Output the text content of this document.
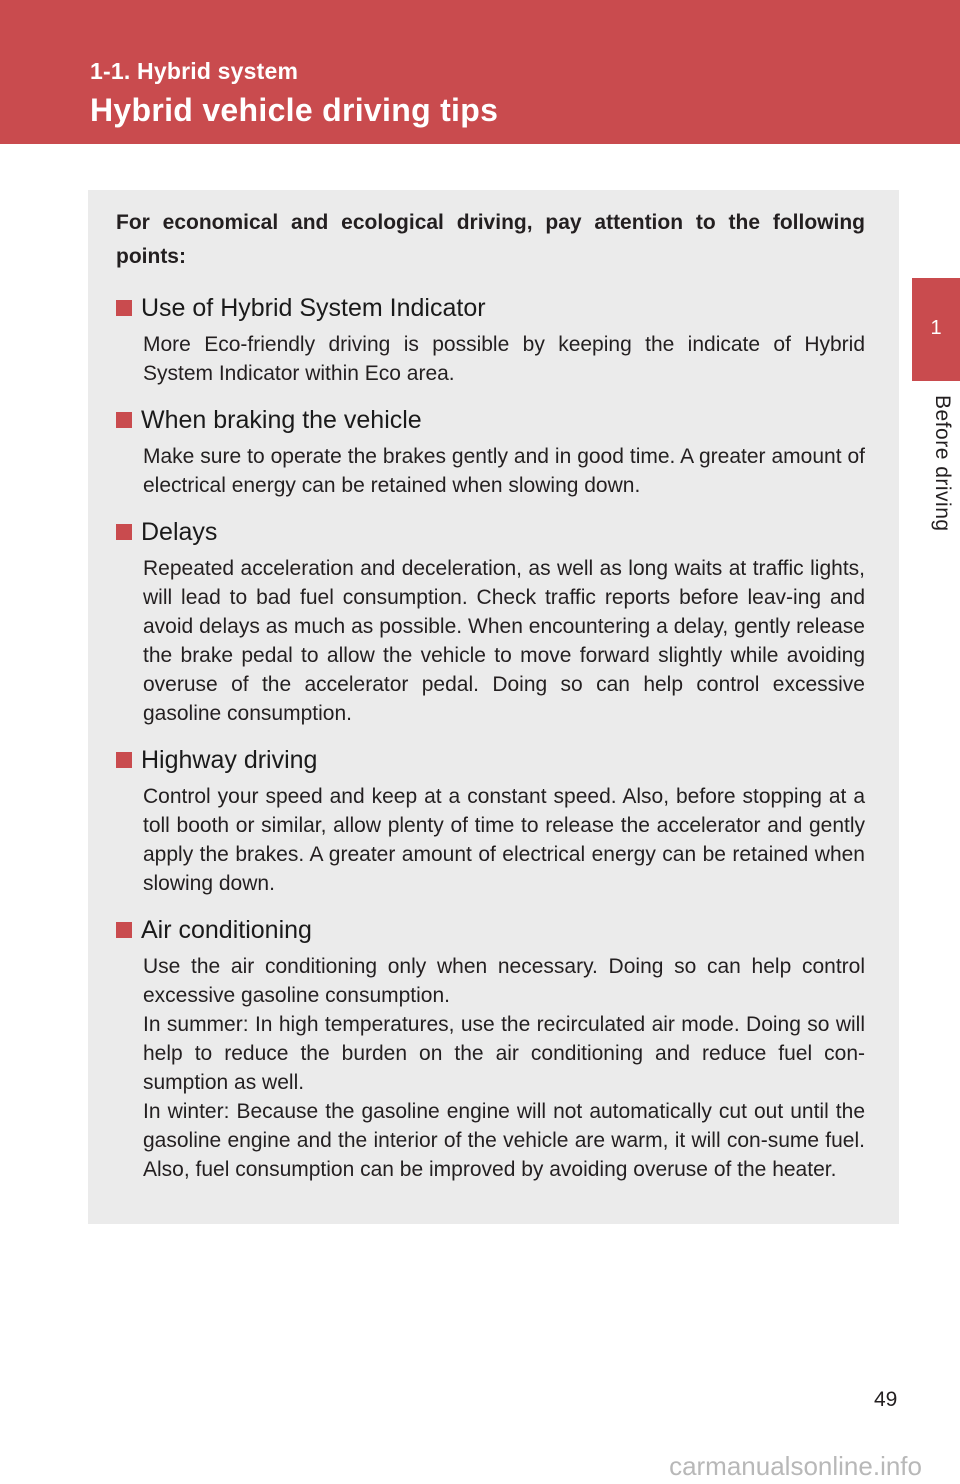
1-1. Hybrid system
Hybrid vehicle driving tips
1
Before driving

For economical and ecological driving, pay attention to the following points:

Use of Hybrid System Indicator

More Eco-friendly driving is possible by keeping the indicate of Hybrid System Indicator within Eco area.

When braking the vehicle

Make sure to operate the brakes gently and in good time. A greater amount of electrical energy can be retained when slowing down.

Delays

Repeated acceleration and deceleration, as well as long waits at traffic lights, will lead to bad fuel consumption. Check traffic reports before leav-ing and avoid delays as much as possible. When encountering a delay, gently release the brake pedal to allow the vehicle to move forward slightly while avoiding overuse of the accelerator pedal. Doing so can help control excessive gasoline consumption.

Highway driving

Control your speed and keep at a constant speed. Also, before stopping at a toll booth or similar, allow plenty of time to release the accelerator and gently apply the brakes. A greater amount of electrical energy can be retained when slowing down.

Air conditioning

Use the air conditioning only when necessary. Doing so can help control excessive gasoline consumption.

In summer: In high temperatures, use the recirculated air mode. Doing so will help to reduce the burden on the air conditioning and reduce fuel con-sumption as well.

In winter: Because the gasoline engine will not automatically cut out until the gasoline engine and the interior of the vehicle are warm, it will con-sume fuel. Also, fuel consumption can be improved by avoiding overuse of the heater.

49
carmanualsonline.info
